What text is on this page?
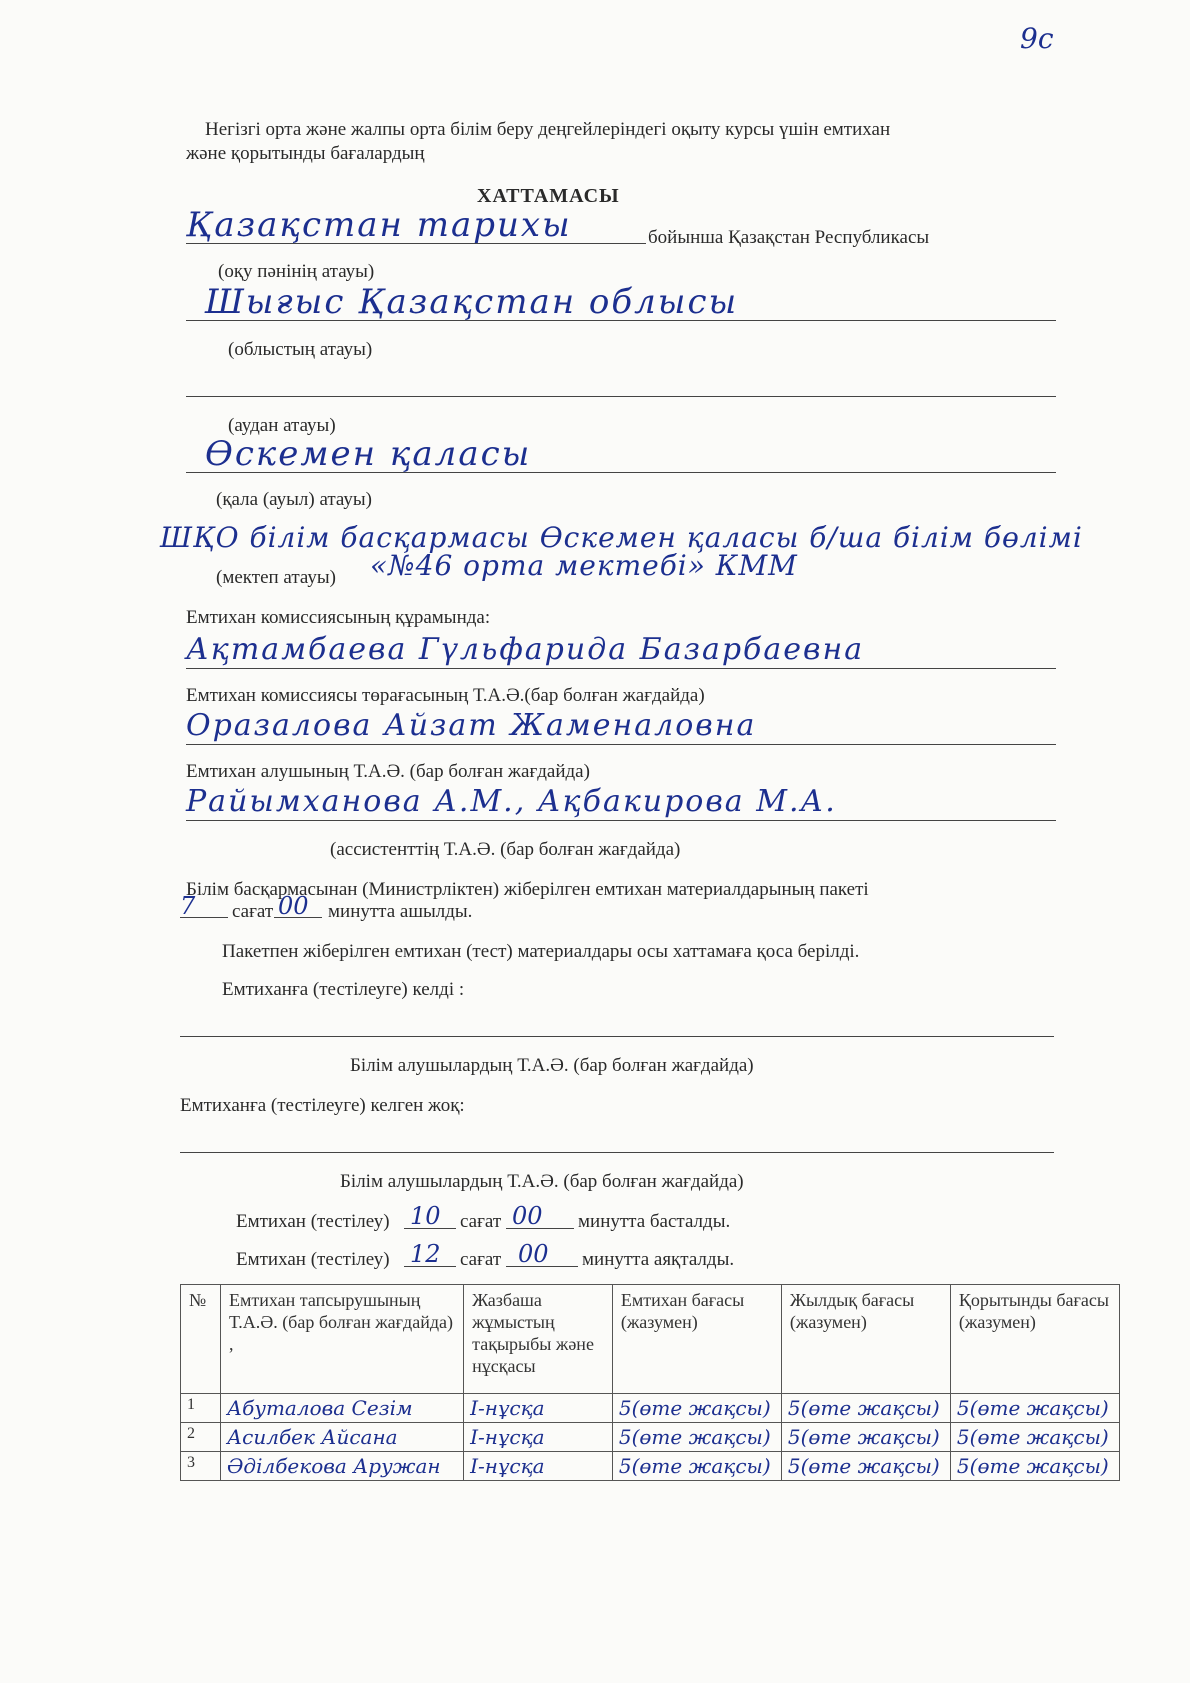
9с
Негізгі орта және жалпы орта білім беру деңгейлеріндегі оқыту курсы үшін емтихан
және қорытынды бағалардың
ХАТТАМАСЫ
Қазақстан тарихы	бойынша Қазақстан Республикасы
(оқу пәнінің атауы)
Шығыс Қазақстан облысы
(облыстың атауы)
(аудан атауы)
Өскемен қаласы
(қала (ауыл) атауы)
ШҚО білім басқармасы Өскемен қаласы б/ша білім бөлімі
«№46 орта мектебі» КММ
(мектеп атауы)
Емтихан комиссиясының құрамында:
Ақтамбаева Гүльфарида Базарбаевна
Емтихан комиссиясы төрағасының Т.А.Ә.(бар болған жағдайда)
Оразалова Айзат Жаменаловна
Емтихан алушының Т.А.Ә. (бар болған жағдайда)
Райымханова А.М., Ақбакирова М.А.
(ассистенттің Т.А.Ә. (бар болған жағдайда)
Білім басқармасынан (Министрліктен) жіберілген емтихан материалдарының пакеті
7 сағат 00 минутта ашылды.
Пакетпен жіберілген емтихан (тест) материалдары осы хаттамаға қоса берілді.
Емтиханға (тестілеуге) келді :
Білім алушылардың Т.А.Ә. (бар болған жағдайда)
Емтиханға (тестілеуге) келген жоқ:
Білім алушылардың Т.А.Ә. (бар болған жағдайда)
Емтихан (тестілеу) 10 сағат 00 минутта басталды.
Емтихан (тестілеу) 12 сағат 00 минутта аяқталды.
№	Емтихан тапсырушының Т.А.Ә. (бар болған жағдайда) ,	Жазбаша жұмыстың тақырыбы және нұсқасы	Емтихан бағасы (жазумен)	Жылдық бағасы (жазумен)	Қорытынды бағасы (жазумен)
1	Абуталова Сезім	I-нұсқа	5(өте жақсы)	5(өте жақсы)	5(өте жақсы)
2	Асилбек Айсана	I-нұсқа	5(өте жақсы)	5(өте жақсы)	5(өте жақсы)
3	Әділбекова Аружан	I-нұсқа	5(өте жақсы)	5(өте жақсы)	5(өте жақсы)
